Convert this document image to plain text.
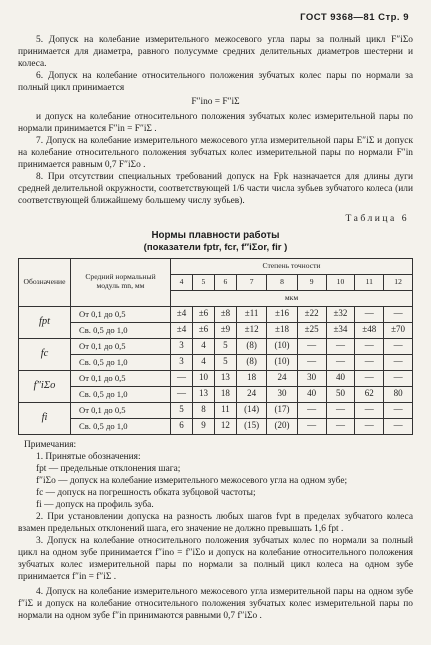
ГОСТ 9368—81 Стр. 9

5. Допуск на колебание измерительного межосевого угла пары за полный цикл F″iΣo принимается для диаметра, равного полусумме средних делительных диаметров шестерни и колеса.

6. Допуск на колебание относительного положения зубчатых колес пары по нормали за полный цикл принимается

F″ino = F″iΣ

и допуск на колебание относительного положения зубчатых колес измерительной пары по нормали принимается F″in = F″iΣ .

7. Допуск на колебание измерительного межосевого угла измерительной пары E″iΣ и допуск на колебание относительного положения зубчатых колес измерительной пары по нормали F″in принимается равным 0,7 F″iΣo .

8. При отсутствии специальных требований допуск на Fpk назначается для длины дуги средней делительной окружности, соответствующей 1/6 части числа зубьев зубчатого колеса (или соответствующей ближайшему большему числу зубьев).

Таблица 6
Нормы плавности работы
(показатели fptr, fcr, f″iΣor, fir )
Обозначение	Средний нормальный модуль mn, мм	Степень точности								
		4	5	6	7	8	9	10	11	12
		мкм								
fpt	От 0,1 до 0,5	±4	±6	±8	±11	±16	±22	±32	—	—
	Св. 0,5 до 1,0	±4	±6	±9	±12	±18	±25	±34	±48	±70
fc	От 0,1 до 0,5	3	4	5	(8)	(10)	—	—	—	—
	Св. 0,5 до 1,0	3	4	5	(8)	(10)	—	—	—	—
f″iΣo	От 0,1 до 0,5	—	10	13	18	24	30	40	—	—
	Св. 0,5 до 1,0	—	13	18	24	30	40	50	62	80
fi	От 0,1 до 0,5	5	8	11	(14)	(17)	—	—	—	—
	Св. 0,5 до 1,0	6	9	12	(15)	(20)	—	—	—	—

Примечания:

1. Принятые обозначения:

fpt — предельные отклонения шага;

f″iΣo — допуск на колебание измерительного межосевого угла на одном зубе;

fc — допуск на погрешность обката зубцовой частоты;

fi — допуск на профиль зуба.

2. При установлении допуска на разность любых шагов fvpt в пределах зубчатого колеса взамен предельных отклонений шага, его значение не должно превышать 1,6 fpt .

3. Допуск на колебание относительного положения зубчатых колес по нормали за полный цикл на одном зубе принимается f″ino = f″iΣo и допуск на колебание относительного положения зубчатых колес измерительной пары по нормали за полный цикл колеса на одном зубе принимается f″in = f″iΣ .

4. Допуск на колебание измерительного межосевого угла измерительной пары на одном зубе f″iΣ и допуск на колебание относительного положения зубчатых колес измерительной пары по нормали на одном зубе f″in принимаются равными 0,7 f″iΣo .
